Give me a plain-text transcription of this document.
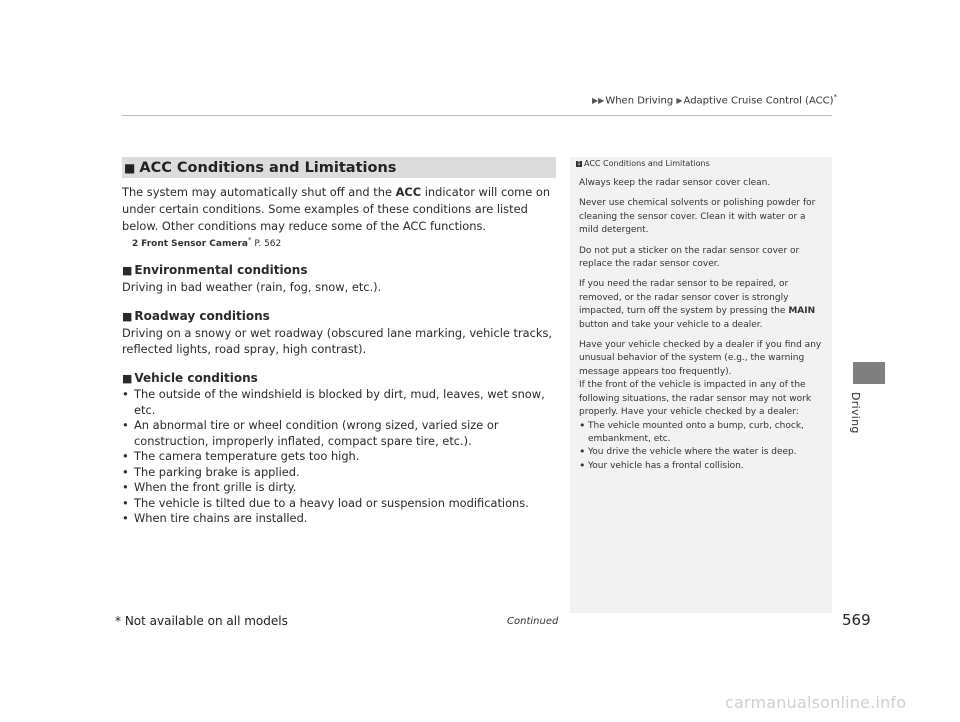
▶▶When Driving ▶Adaptive Cruise Control (ACC)*
Driving
■ ACC Conditions and Limitations
The system may automatically shut off and the ACC indicator will come on under certain conditions. Some examples of these conditions are listed below. Other conditions may reduce some of the ACC functions.
2 Front Sensor Camera* P. 562
■ Environmental conditions
Driving in bad weather (rain, fog, snow, etc.).
■ Roadway conditions
Driving on a snowy or wet roadway (obscured lane marking, vehicle tracks, reflected lights, road spray, high contrast).
■ Vehicle conditions
• The outside of the windshield is blocked by dirt, mud, leaves, wet snow, etc.
• An abnormal tire or wheel condition (wrong sized, varied size or construction, improperly inflated, compact spare tire, etc.).
• The camera temperature gets too high.
• The parking brake is applied.
• When the front grille is dirty.
• The vehicle is tilted due to a heavy load or suspension modifications.
• When tire chains are installed.
1 ACC Conditions and Limitations

Always keep the radar sensor cover clean.

Never use chemical solvents or polishing powder for cleaning the sensor cover. Clean it with water or a mild detergent.

Do not put a sticker on the radar sensor cover or replace the radar sensor cover.

If you need the radar sensor to be repaired, or removed, or the radar sensor cover is strongly impacted, turn off the system by pressing the MAIN button and take your vehicle to a dealer.

Have your vehicle checked by a dealer if you find any unusual behavior of the system (e.g., the warning message appears too frequently).

If the front of the vehicle is impacted in any of the following situations, the radar sensor may not work properly. Have your vehicle checked by a dealer:

• The vehicle mounted onto a bump, curb, chock, embankment, etc.
• You drive the vehicle where the water is deep.
• Your vehicle has a frontal collision.
* Not available on all models	Continued	569
carmanualsonline.info
